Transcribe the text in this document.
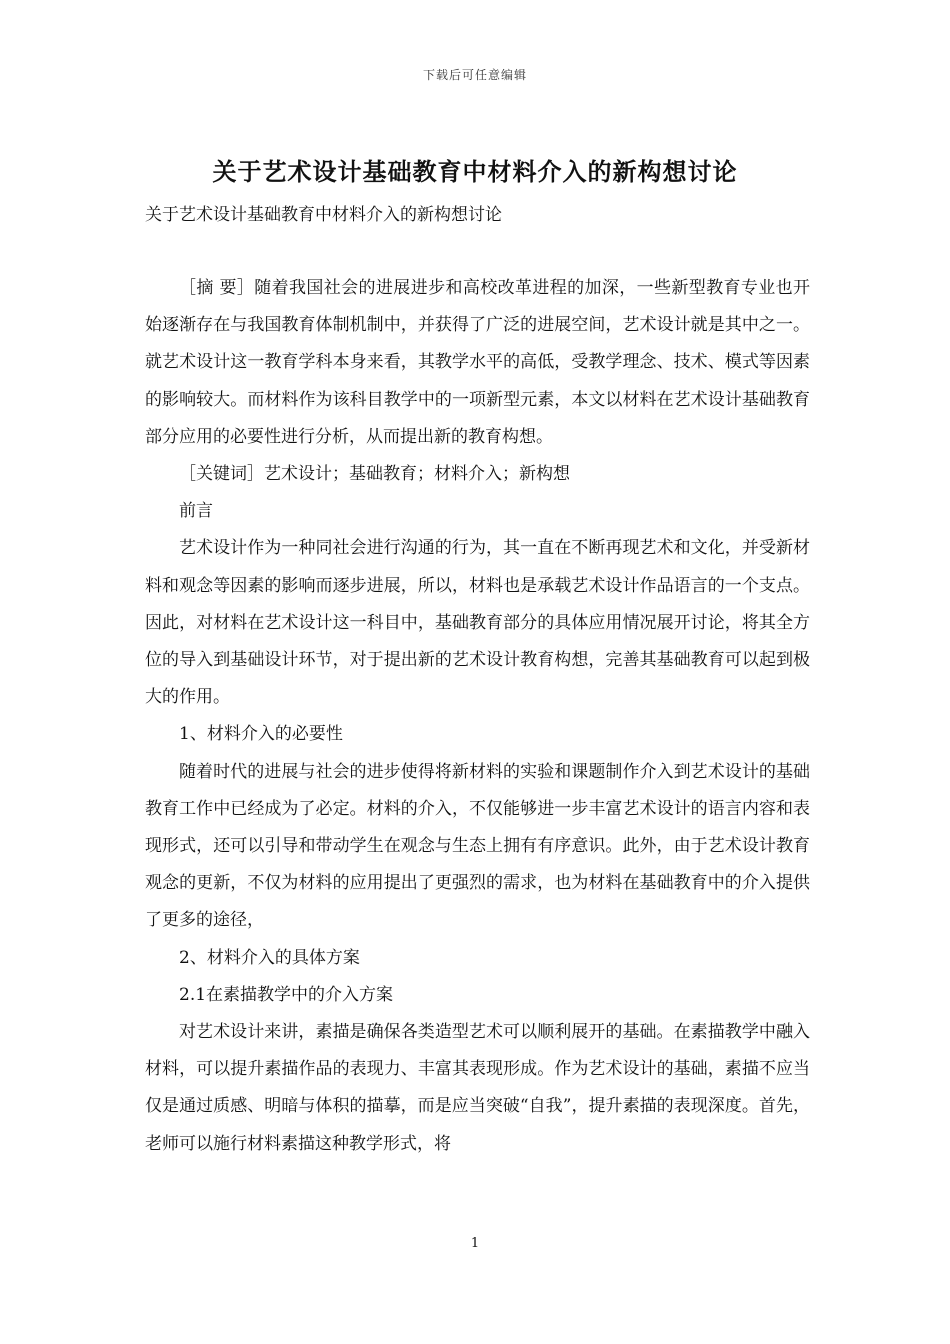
下载后可任意编辑
关于艺术设计基础教育中材料介入的新构想讨论
关于艺术设计基础教育中材料介入的新构想讨论

［摘 要］随着我国社会的进展进步和高校改革进程的加深，一些新型教育专业也开始逐渐存在与我国教育体制机制中，并获得了广泛的进展空间，艺术设计就是其中之一。就艺术设计这一教育学科本身来看，其教学水平的高低，受教学理念、技术、模式等因素的影响较大。而材料作为该科目教学中的一项新型元素，本文以材料在艺术设计基础教育部分应用的必要性进行分析，从而提出新的教育构想。

［关键词］艺术设计；基础教育；材料介入；新构想

前言

艺术设计作为一种同社会进行沟通的行为，其一直在不断再现艺术和文化，并受新材料和观念等因素的影响而逐步进展，所以，材料也是承载艺术设计作品语言的一个支点。因此，对材料在艺术设计这一科目中，基础教育部分的具体应用情况展开讨论，将其全方位的导入到基础设计环节，对于提出新的艺术设计教育构想，完善其基础教育可以起到极大的作用。

1、材料介入的必要性

随着时代的进展与社会的进步使得将新材料的实验和课题制作介入到艺术设计的基础教育工作中已经成为了必定。材料的介入，不仅能够进一步丰富艺术设计的语言内容和表现形式，还可以引导和带动学生在观念与生态上拥有有序意识。此外，由于艺术设计教育观念的更新，不仅为材料的应用提出了更强烈的需求，也为材料在基础教育中的介入提供了更多的途径，

2、材料介入的具体方案

2.1在素描教学中的介入方案

对艺术设计来讲，素描是确保各类造型艺术可以顺利展开的基础。在素描教学中融入材料，可以提升素描作品的表现力、丰富其表现形成。作为艺术设计的基础，素描不应当仅是通过质感、明暗与体积的描摹，而是应当突破“自我”，提升素描的表现深度。首先，老师可以施行材料素描这种教学形式，将

1
